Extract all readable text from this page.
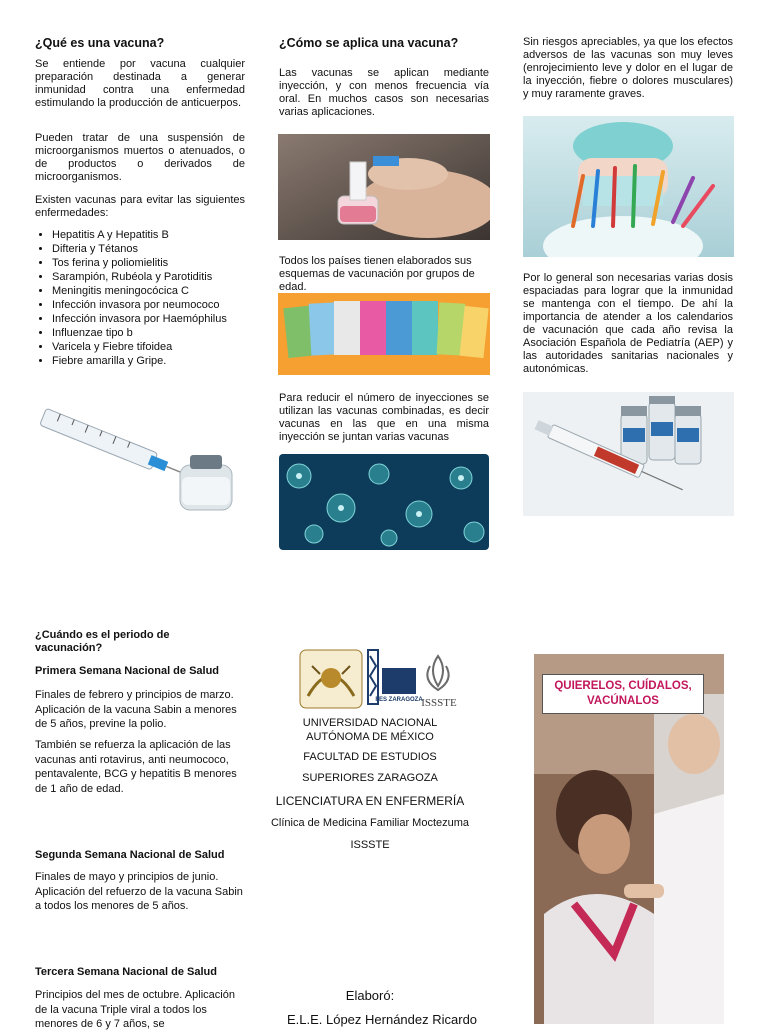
¿Qué es una vacuna?

Se entiende por vacuna cualquier preparación destinada a generar inmunidad contra una enfermedad estimulando la producción de anticuerpos.

Pueden tratar de una suspensión de microorganismos muertos o atenuados, o de productos o derivados de microorganismos.

Existen vacunas para evitar las siguientes enfermedades:

• Hepatitis A y Hepatitis B
• Difteria y Tétanos
• Tos ferina y poliomielitis
• Sarampión, Rubéola y Parotiditis
• Meningitis meningocócica C
• Infección invasora por neumococo
• Infección invasora por Haemóphilus
• Influenzae tipo b
• Varicela y Fiebre tifoidea
• Fiebre amarilla y Gripe.
¿Cómo se aplica una vacuna?

Las vacunas se aplican mediante inyección, y con menos frecuencia vía oral. En muchos casos son necesarias varias aplicaciones.

Todos los países tienen elaborados sus esquemas de vacunación por grupos de edad.

Para reducir el número de inyecciones se utilizan las vacunas combinadas, es decir vacunas en las que en una misma inyección se juntan varias vacunas

Sin riesgos apreciables, ya que los efectos adversos de las vacunas son muy leves (enrojecimiento leve y dolor en el lugar de la inyección, fiebre o dolores musculares) y muy raramente graves.

Por lo general son necesarias varias dosis espaciadas para lograr que la inmunidad se mantenga con el tiempo. De ahí la importancia de atender a los calendarios de vacunación que cada año revisa la Asociación Española de Pediatría (AEP) y las autoridades sanitarias nacionales y autonómicas.

¿Cuándo es el periodo de vacunación?
Primera Semana Nacional de Salud

Finales de febrero y principios de marzo. Aplicación de la vacuna Sabin a menores de 5 años, previne la polio.

También se refuerza la aplicación de las vacunas anti rotavirus, anti neumococo, pentavalente, BCG y hepatitis B menores de 1 año de edad.

Segunda Semana Nacional de Salud

Finales de mayo y principios de junio. Aplicación del refuerzo de la vacuna Sabin a todos los menores de 5 años.

Tercera Semana Nacional de Salud

Principios del mes de octubre. Aplicación de la vacuna Triple viral a todos los menores de 6 y 7 años, se

FES ZARAGOZA
ISSSTE
UNIVERSIDAD NACIONAL AUTÓNOMA DE MÉXICO
FACULTAD DE ESTUDIOS
SUPERIORES ZARAGOZA
LICENCIATURA EN ENFERMERÍA
Clínica de Medicina Familiar Moctezuma
ISSSTE
Elaboró:
E.L.E. López Hernández Ricardo
QUIERELOS, CUÍDALOS, VACÚNALOS
